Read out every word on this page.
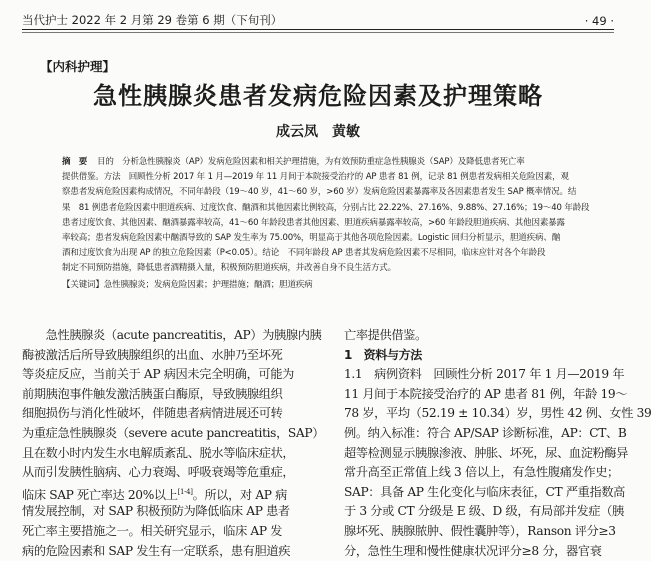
当代护士 2022 年 2 月第 29 卷第 6 期（下旬刊）	· 49 ·
【内科护理】
急性胰腺炎患者发病危险因素及护理策略
成云凤　黄敏
摘　要 目的　分析急性胰腺炎（AP）发病危险因素和相关护理措施，为有效预防重症急性胰腺炎（SAP）及降低患者死亡率
提供借鉴。方法　回顾性分析 2017 年 1 月—2019 年 11 月间于本院接受治疗的 AP 患者 81 例，记录 81 例患者发病相关危险因素，观
察患者发病危险因素构成情况，不同年龄段（19～40 岁，41～60 岁，>60 岁）发病危险因素暴露率及各因素患者发生 SAP 概率情况。结
果　81 例患者危险因素中胆道疾病、过度饮食、酗酒和其他因素比例较高，分别占比 22.22%、27.16%、9.88%、27.16%；19～40 年龄段
患者过度饮食、其他因素、酗酒暴露率较高，41～60 年龄段患者其他因素、胆道疾病暴露率较高，>60 年龄段胆道疾病、其他因素暴露
率较高；患者发病危险因素中酗酒导致的 SAP 发生率为 75.00%，明显高于其他各项危险因素。Logistic 回归分析显示，胆道疾病、酗
酒和过度饮食为出现 AP 的独立危险因素（P<0.05）。结论　不同年龄段 AP 患者其发病危险因素不尽相同，临床应针对各个年龄段
制定不同预防措施，降低患者酒精摄入量，积极预防胆道疾病，并改善自身不良生活方式。
【关键词】急性胰腺炎；发病危险因素；护理措施；酗酒；胆道疾病
　　急性胰腺炎（acute pancreatitis，AP）为胰腺内胰
酶被激活后所导致胰腺组织的出血、水肿乃至坏死
等炎症反应，当前关于 AP 病因未完全明确，可能为
前期胰泡事件触发激活胰蛋白酶原，导致胰腺组织
细胞损伤与消化性破坏，伴随患者病情进展还可转
为重症急性胰腺炎（severe acute pancreatitis，SAP）
且在数小时内发生水电解质紊乱、脱水等临床症状，
从而引发胰性脑病、心力衰竭、呼吸衰竭等危重症，
临床 SAP 死亡率达 20%以上[1-4]。所以，对 AP 病
情发展控制，对 SAP 积极预防为降低临床 AP 患者
死亡率主要措施之一。相关研究显示，临床 AP 发
病的危险因素和 SAP 发生有一定联系，患有胆道疾
亡率提供借鉴。
1　资料与方法
1.1　病例资料　回顾性分析 2017 年 1 月—2019 年
11 月间于本院接受治疗的 AP 患者 81 例，年龄 19～
78 岁，平均（52.19 ± 10.34）岁，男性 42 例、女性 39
例。纳入标准：符合 AP/SAP 诊断标准，AP：CT、B
超等检测显示胰腺渗液、肿胀、坏死，尿、血淀粉酶异
常升高至正常值上线 3 倍以上，有急性腹痛发作史；
SAP：具备 AP 生化变化与临床表征，CT 严重指数高
于 3 分或 CT 分级是 E 级、D 级，有局部并发症（胰
腺坏死、胰腺脓肿、假性囊肿等），Ranson 评分≥3
分，急性生理和慢性健康状况评分≥8 分，器官衰
